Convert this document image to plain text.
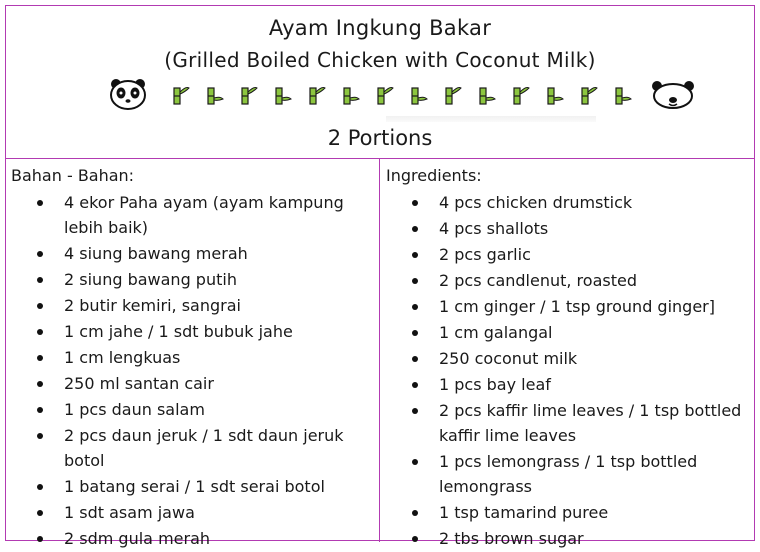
Ayam Ingkung Bakar
(Grilled Boiled Chicken with Coconut Milk)
2 Portions
Bahan - Bahan:
4 ekor Paha ayam (ayam kampung lebih baik)
4 siung bawang merah
2 siung bawang putih
2 butir kemiri, sangrai
1 cm jahe / 1 sdt bubuk jahe
1 cm lengkuas
250 ml santan cair
1 pcs daun salam
2 pcs daun jeruk / 1 sdt daun jeruk botol
1 batang serai / 1 sdt serai botol
1 sdt asam jawa
2 sdm gula merah
Ingredients:
4 pcs chicken drumstick
4 pcs shallots
2 pcs garlic
2 pcs candlenut, roasted
1 cm ginger / 1 tsp ground ginger]
1 cm galangal
250 coconut milk
1 pcs bay leaf
2 pcs kaffir lime leaves / 1 tsp bottled kaffir lime leaves
1 pcs lemongrass / 1 tsp bottled lemongrass
1 tsp tamarind puree
2 tbs brown sugar
